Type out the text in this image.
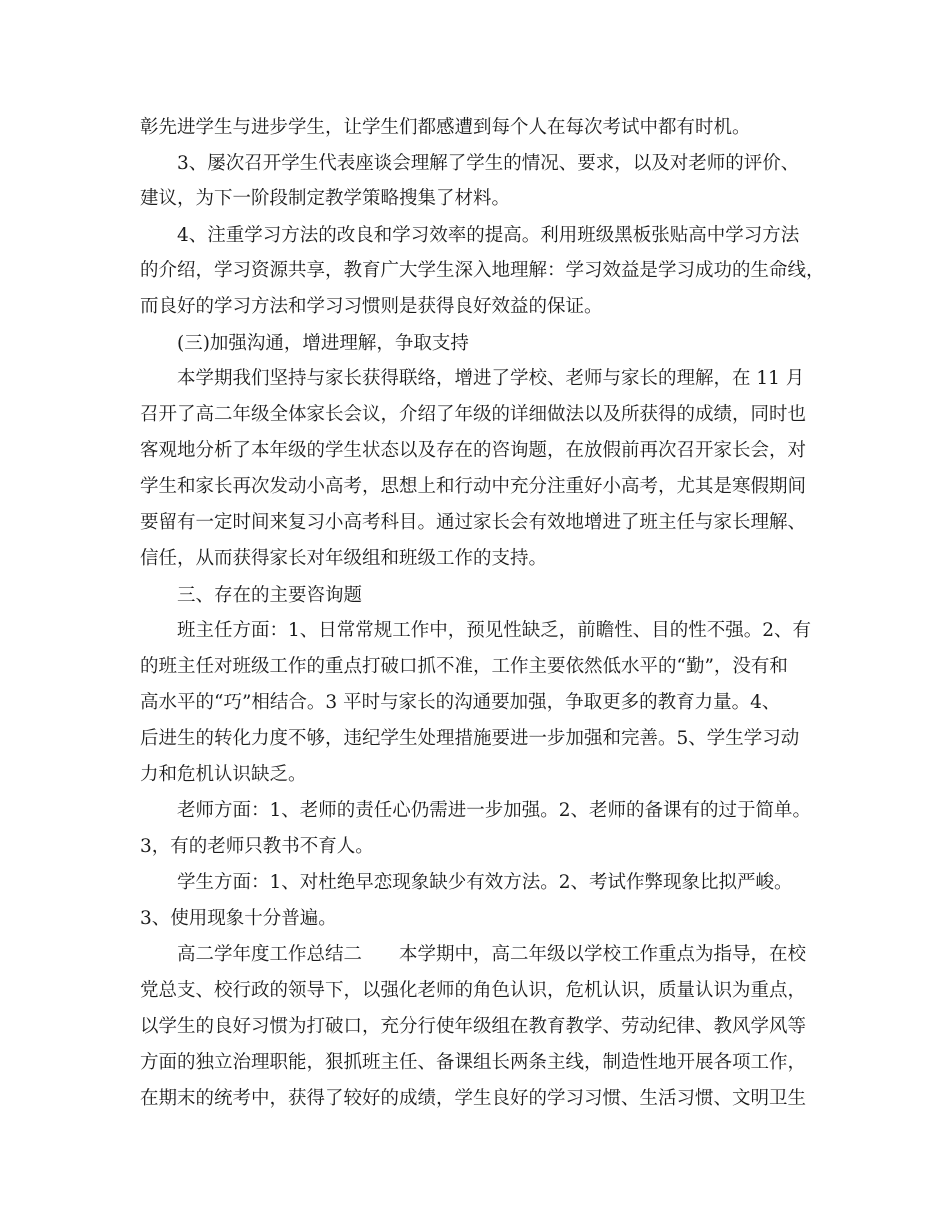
彰先进学生与进步学生，让学生们都感遭到每个人在每次考试中都有时机。
3、屡次召开学生代表座谈会理解了学生的情况、要求，以及对老师的评价、
建议，为下一阶段制定教学策略搜集了材料。
4、注重学习方法的改良和学习效率的提高。利用班级黑板张贴高中学习方法
的介绍，学习资源共享，教育广大学生深入地理解：学习效益是学习成功的生命线，
而良好的学习方法和学习习惯则是获得良好效益的保证。
(三)加强沟通，增进理解，争取支持
本学期我们坚持与家长获得联络，增进了学校、老师与家长的理解，在 11 月
召开了高二年级全体家长会议，介绍了年级的详细做法以及所获得的成绩，同时也
客观地分析了本年级的学生状态以及存在的咨询题，在放假前再次召开家长会，对
学生和家长再次发动小高考，思想上和行动中充分注重好小高考，尤其是寒假期间
要留有一定时间来复习小高考科目。通过家长会有效地增进了班主任与家长理解、
信任，从而获得家长对年级组和班级工作的支持。
三、存在的主要咨询题
班主任方面：1、日常常规工作中，预见性缺乏，前瞻性、目的性不强。2、有
的班主任对班级工作的重点打破口抓不准，工作主要依然低水平的“勤”，没有和
高水平的“巧”相结合。3 平时与家长的沟通要加强，争取更多的教育力量。4、
后进生的转化力度不够，违纪学生处理措施要进一步加强和完善。5、学生学习动
力和危机认识缺乏。
老师方面：1、老师的责任心仍需进一步加强。2、老师的备课有的过于简单。
3，有的老师只教书不育人。
学生方面：1、对杜绝早恋现象缺少有效方法。2、考试作弊现象比拟严峻。
3、使用现象十分普遍。
高二学年度工作总结二　　本学期中，高二年级以学校工作重点为指导，在校
党总支、校行政的领导下，以强化老师的角色认识，危机认识，质量认识为重点，
以学生的良好习惯为打破口，充分行使年级组在教育教学、劳动纪律、教风学风等
方面的独立治理职能，狠抓班主任、备课组长两条主线，制造性地开展各项工作，
在期末的统考中，获得了较好的成绩，学生良好的学习习惯、生活习惯、文明卫生
